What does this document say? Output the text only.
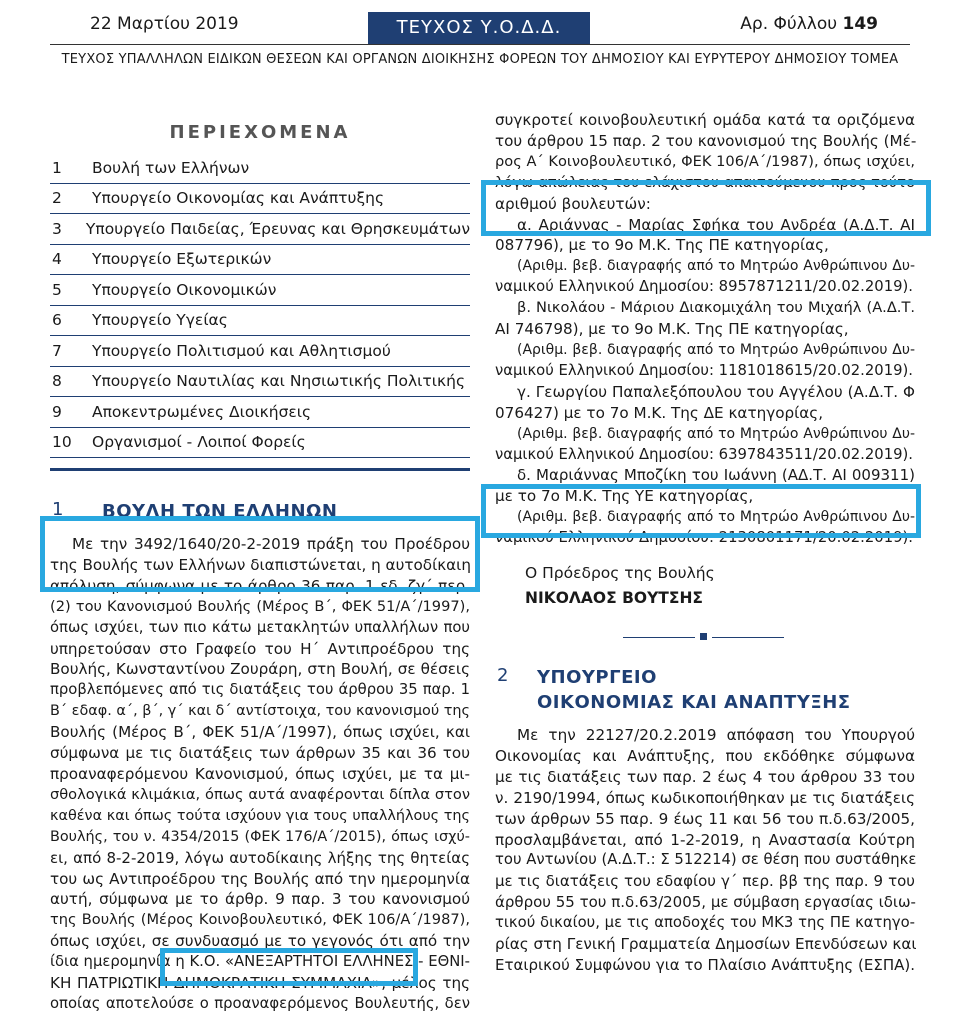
22 Μαρτίου 2019	ΤΕΥΧΟΣ Υ.Ο.Δ.Δ.	Αρ. Φύλλου 149
ΤΕΥΧΟΣ ΥΠΑΛΛΗΛΩΝ ΕΙΔΙΚΩΝ ΘΕΣΕΩΝ ΚΑΙ ΟΡΓΑΝΩΝ ΔΙΟΙΚΗΣΗΣ ΦΟΡΕΩΝ ΤΟΥ ΔΗΜΟΣΙΟΥ ΚΑΙ ΕΥΡΥΤΕΡΟΥ ΔΗΜΟΣΙΟΥ ΤΟΜΕΑ
ΠΕΡΙΕΧΟΜΕΝΑ
1	Βουλή των Ελλήνων
2	Υπουργείο Οικονομίας και Ανάπτυξης
3	Υπουργείο Παιδείας, Έρευνας και Θρησκευμάτων
4	Υπουργείο Εξωτερικών
5	Υπουργείο Οικονομικών
6	Υπουργείο Υγείας
7	Υπουργείο Πολιτισμού και Αθλητισμού
8	Υπουργείο Ναυτιλίας και Νησιωτικής Πολιτικής
9	Αποκεντρωμένες Διοικήσεις
10	Οργανισμοί - Λοιποί Φορείς
1	ΒΟΥΛΗ ΤΩΝ ΕΛΛΗΝΩΝ
Με την 3492/1640/20-2-2019 πράξη του Προέδρου
της Βουλής των Ελλήνων διαπιστώνεται, η αυτοδίκαιη
απόλυση, σύμφωνα με το άρθρο 36 παρ. 1 εδ. ζγ΄ περ.
(2) του Κανονισμού Βουλής (Μέρος Β΄, ΦΕΚ 51/Α΄/1997),
όπως ισχύει, των πιο κάτω μετακλητών υπαλλήλων που
υπηρετούσαν στο Γραφείο του Η΄ Αντιπροέδρου της
Βουλής, Κωνσταντίνου Ζουράρη, στη Βουλή, σε θέσεις
προβλεπόμενες από τις διατάξεις του άρθρου 35 παρ. 1
Β΄ εδαφ. α΄, β΄, γ΄ και δ΄ αντίστοιχα, του κανονισμού της
Βουλής (Μέρος Β΄, ΦΕΚ 51/Α΄/1997), όπως ισχύει, και
σύμφωνα με τις διατάξεις των άρθρων 35 και 36 του
προαναφερόμενου Κανονισμού, όπως ισχύει, με τα μι-
σθολογικά κλιμάκια, όπως αυτά αναφέρονται δίπλα στον
καθένα και όπως τούτα ισχύουν για τους υπαλλήλους της
Βουλής, του ν. 4354/2015 (ΦΕΚ 176/Α΄/2015), όπως ισχύ-
ει, από 8-2-2019, λόγω αυτοδίκαιης λήξης της θητείας
του ως Αντιπροέδρου της Βουλής από την ημερομηνία
αυτή, σύμφωνα με το άρθρ. 9 παρ. 3 του κανονισμού
της Βουλής (Μέρος Κοινοβουλευτικό, ΦΕΚ 106/Α΄/1987),
όπως ισχύει, σε συνδυασμό με το γεγονός ότι από την
ίδια ημερομηνία η Κ.Ο. «ΑΝΕΞΑΡΤΗΤΟΙ ΕΛΛΗΝΕΣ - ΕΘΝΙ-
ΚΗ ΠΑΤΡΙΩΤΙΚΗ ΔΗΜΟΚΡΑΤΙΚΗ ΣΥΜΜΑΧΙΑ», μέλος της
οποίας αποτελούσε ο προαναφερόμενος Βουλευτής, δεν
συγκροτεί κοινοβουλευτική ομάδα κατά τα οριζόμενα
του άρθρου 15 παρ. 2 του κανονισμού της Βουλής (Μέ-
ρος Α΄ Κοινοβουλευτικό, ΦΕΚ 106/Α΄/1987), όπως ισχύει,
λόγω απώλειας του ελάχιστου απαιτούμενου προς τούτο
αριθμού βουλευτών:
α. Αριάννας - Μαρίας Σφήκα του Ανδρέα (Α.Δ.Τ. ΑΙ
087796), με το 9ο Μ.Κ. Της ΠΕ κατηγορίας,
(Αριθμ. βεβ. διαγραφής από το Μητρώο Ανθρώπινου Δυ-
ναμικού Ελληνικού Δημοσίου: 8957871211/20.02.2019).
β. Νικολάου - Μάριου Διακομιχάλη του Μιχαήλ (Α.Δ.Τ.
ΑΙ 746798), με το 9ο Μ.Κ. Της ΠΕ κατηγορίας,
(Αριθμ. βεβ. διαγραφής από το Μητρώο Ανθρώπινου Δυ-
ναμικού Ελληνικού Δημοσίου: 1181018615/20.02.2019).
γ. Γεωργίου Παπαλεξόπουλου του Αγγέλου (Α.Δ.Τ. Φ
076427) με το 7ο Μ.Κ. Της ΔΕ κατηγορίας,
(Αριθμ. βεβ. διαγραφής από το Μητρώο Ανθρώπινου Δυ-
ναμικού Ελληνικού Δημοσίου: 6397843511/20.02.2019).
δ. Μαριάννας Μποζίκη του Ιωάννη (ΑΔ.Τ. ΑΙ 009311)
με το 7ο Μ.Κ. Της ΥΕ κατηγορίας,
(Αριθμ. βεβ. διαγραφής από το Μητρώο Ανθρώπινου Δυ-
ναμικού Ελληνικού Δημοσίου: 2130801171/20.02.2019).
Ο Πρόεδρος της Βουλής
ΝΙΚΟΛΑΟΣ ΒΟΥΤΣΗΣ
2	ΥΠΟΥΡΓΕΙΟ
ΟΙΚΟΝΟΜΙΑΣ ΚΑΙ ΑΝΑΠΤΥΞΗΣ
Με την 22127/20.2.2019 απόφαση του Υπουργού
Οικονομίας και Ανάπτυξης, που εκδόθηκε σύμφωνα
με τις διατάξεις των παρ. 2 έως 4 του άρθρου 33 του
ν. 2190/1994, όπως κωδικοποιήθηκαν με τις διατάξεις
των άρθρων 55 παρ. 9 έως 11 και 56 του π.δ.63/2005,
προσλαμβάνεται, από 1-2-2019, η Αναστασία Κούτρη
του Αντωνίου (Α.Δ.Τ.: Σ 512214) σε θέση που συστάθηκε
με τις διατάξεις του εδαφίου γ΄ περ. ββ της παρ. 9 του
άρθρου 55 του π.δ.63/2005, με σύμβαση εργασίας ιδιω-
τικού δικαίου, με τις αποδοχές του ΜΚ3 της ΠΕ κατηγο-
ρίας στη Γενική Γραμματεία Δημοσίων Επενδύσεων και
Εταιρικού Συμφώνου για το Πλαίσιο Ανάπτυξης (ΕΣΠΑ).
